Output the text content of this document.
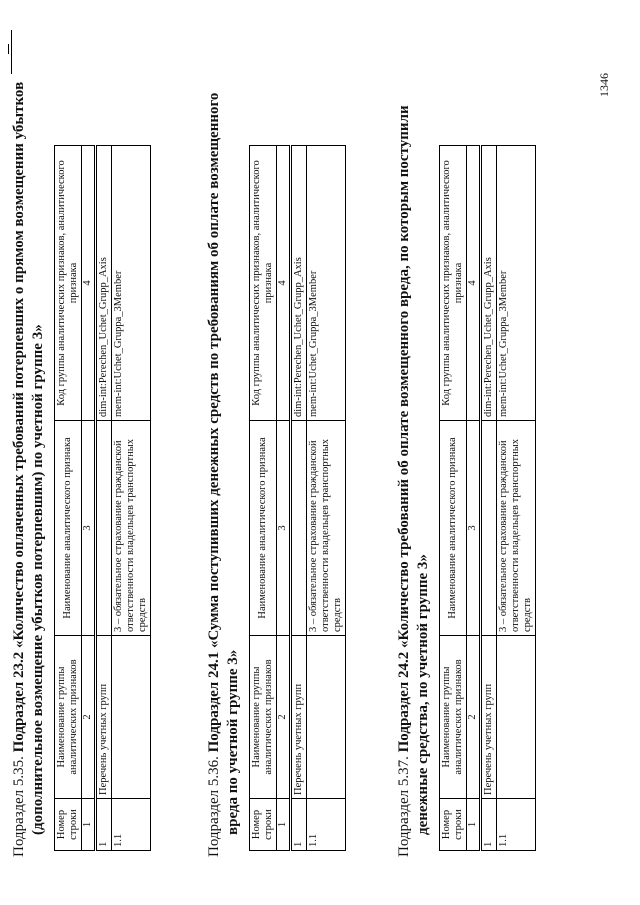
Подраздел 5.35. Подраздел 23.2 «Количество оплаченных требований потерпевших о прямом возмещении убытков (дополнительное возмещение убытков потерпевшим) по учетной группе 3» Номер строки	Наименование группы аналитических признаков	Наименование аналитического признака	Код группы аналитических признаков, аналитического признака
1	2	3	4
1	Перечень учетных групп		dim-int:Perechen_Uchet_Grupp_Axis
1.1		3 – обязательное страхование гражданской ответственности владельцев транспортных средств	mem-int:Uchet_Gruppa_3Member

Подраздел 5.36. Подраздел 24.1 «Сумма поступивших денежных средств по требованиям об оплате возмещенного вреда по учетной группе 3» Номер строки	Наименование группы аналитических признаков	Наименование аналитического признака	Код группы аналитических признаков, аналитического признака
1	2	3	4
1	Перечень учетных групп		dim-int:Perechen_Uchet_Grupp_Axis
1.1		3 – обязательное страхование гражданской ответственности владельцев транспортных средств	mem-int:Uchet_Gruppa_3Member

Подраздел 5.37. Подраздел 24.2 «Количество требований об оплате возмещенного вреда, по которым поступили денежные средства, по учетной группе 3» Номер строки	Наименование группы аналитических признаков	Наименование аналитического признака	Код группы аналитических признаков, аналитического признака
1	2	3	4
1	Перечень учетных групп		dim-int:Perechen_Uchet_Grupp_Axis
1.1		3 – обязательное страхование гражданской ответственности владельцев транспортных средств	mem-int:Uchet_Gruppa_3Member
1346
